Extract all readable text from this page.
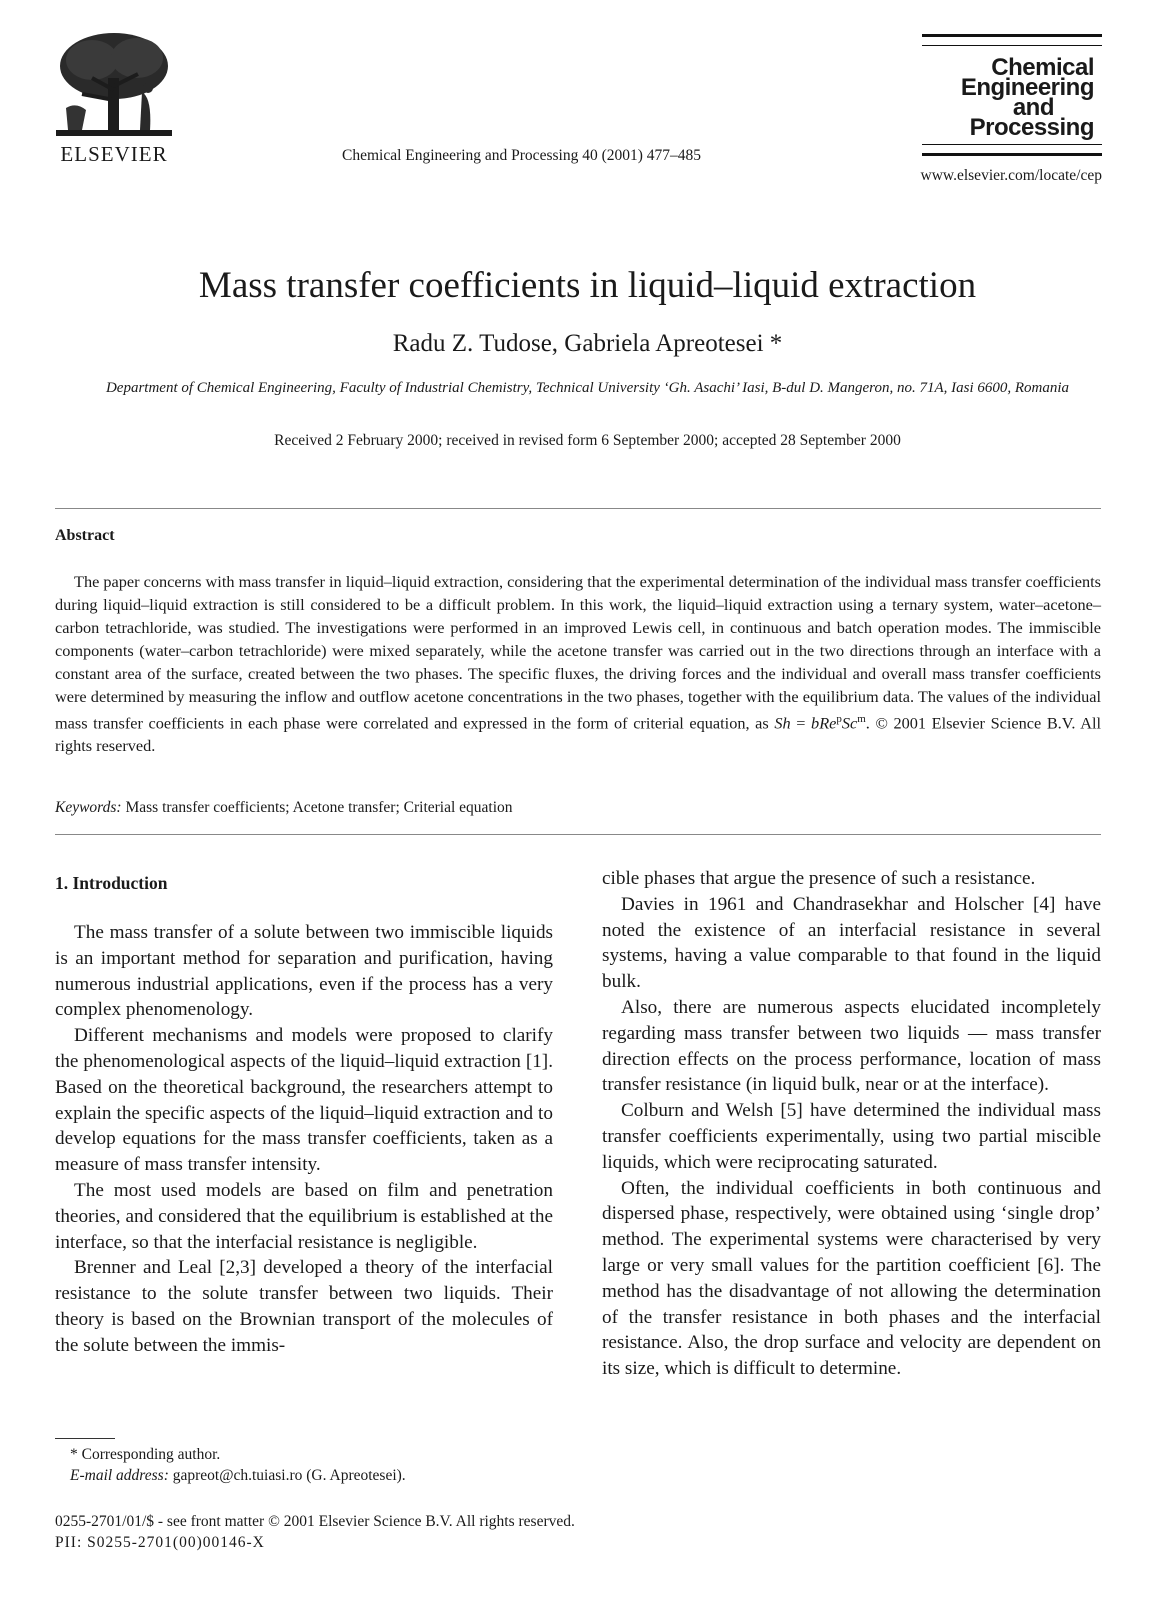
ELSEVIER	Chemical Engineering and Processing 40 (2001) 477–485
Chemical
Engineering
and
Processing
www.elsevier.com/locate/cep
Mass transfer coefficients in liquid–liquid extraction
Radu Z. Tudose, Gabriela Apreotesei *
Department of Chemical Engineering, Faculty of Industrial Chemistry, Technical University ‘Gh. Asachi’ Iasi, B-dul D. Mangeron, no. 71A, Iasi 6600, Romania
Received 2 February 2000; received in revised form 6 September 2000; accepted 28 September 2000
Abstract

The paper concerns with mass transfer in liquid–liquid extraction, considering that the experimental determination of the individual mass transfer coefficients during liquid–liquid extraction is still considered to be a difficult problem. In this work, the liquid–liquid extraction using a ternary system, water–acetone–carbon tetrachloride, was studied. The investigations were performed in an improved Lewis cell, in continuous and batch operation modes. The immiscible components (water–carbon tetrachloride) were mixed separately, while the acetone transfer was carried out in the two directions through an interface with a constant area of the surface, created between the two phases. The specific fluxes, the driving forces and the individual and overall mass transfer coefficients were determined by measuring the inflow and outflow acetone concentrations in the two phases, together with the equilibrium data. The values of the individual mass transfer coefficients in each phase were correlated and expressed in the form of criterial equation, as $Sh = bRe^pSc^m$. © 2001 Elsevier Science B.V. All rights reserved.

Keywords: Mass transfer coefficients; Acetone transfer; Criterial equation
1. Introduction

The mass transfer of a solute between two immiscible liquids is an important method for separation and purification, having numerous industrial applications, even if the process has a very complex phenomenology.

Different mechanisms and models were proposed to clarify the phenomenological aspects of the liquid–liquid extraction [1]. Based on the theoretical background, the researchers attempt to explain the specific aspects of the liquid–liquid extraction and to develop equations for the mass transfer coefficients, taken as a measure of mass transfer intensity.

The most used models are based on film and penetration theories, and considered that the equilibrium is established at the interface, so that the interfacial resistance is negligible.

Brenner and Leal [2,3] developed a theory of the interfacial resistance to the solute transfer between two liquids. Their theory is based on the Brownian transport of the molecules of the solute between the immis-

cible phases that argue the presence of such a resistance.

Davies in 1961 and Chandrasekhar and Holscher [4] have noted the existence of an interfacial resistance in several systems, having a value comparable to that found in the liquid bulk.

Also, there are numerous aspects elucidated incompletely regarding mass transfer between two liquids — mass transfer direction effects on the process performance, location of mass transfer resistance (in liquid bulk, near or at the interface).

Colburn and Welsh [5] have determined the individual mass transfer coefficients experimentally, using two partial miscible liquids, which were reciprocating saturated.

Often, the individual coefficients in both continuous and dispersed phase, respectively, were obtained using ‘single drop’ method. The experimental systems were characterised by very large or very small values for the partition coefficient [6]. The method has the disadvantage of not allowing the determination of the transfer resistance in both phases and the interfacial resistance. Also, the drop surface and velocity are dependent on its size, which is difficult to determine.

* Corresponding author.
E-mail address: gapreot@ch.tuiasi.ro (G. Apreotesei).
0255-2701/01/$ - see front matter © 2001 Elsevier Science B.V. All rights reserved.
PII: S0255-2701(00)00146-X
